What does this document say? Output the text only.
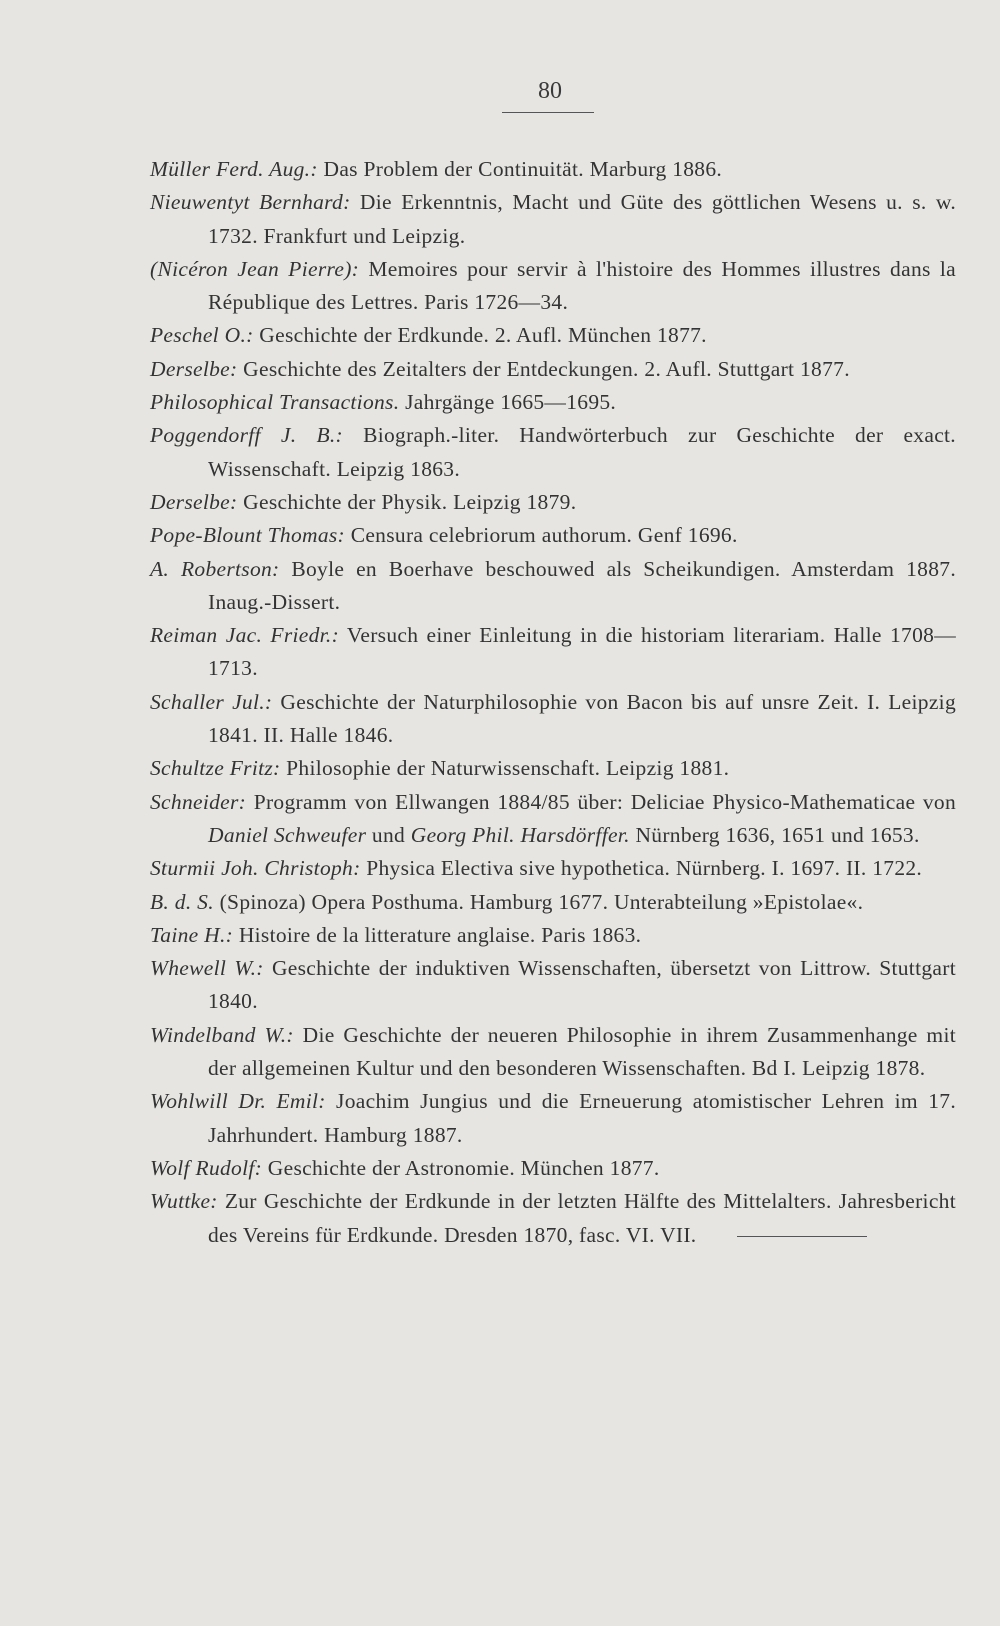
80

Müller Ferd. Aug.: Das Problem der Continuität. Marburg 1886.

Nieuwentyt Bernhard: Die Erkenntnis, Macht und Güte des göttlichen Wesens u. s. w. 1732. Frankfurt und Leipzig.

(Nicéron Jean Pierre): Memoires pour servir à l'histoire des Hommes illustres dans la République des Lettres. Paris 1726—34.

Peschel O.: Geschichte der Erdkunde. 2. Aufl. München 1877.

Derselbe: Geschichte des Zeitalters der Entdeckungen. 2. Aufl. Stuttgart 1877.

Philosophical Transactions. Jahrgänge 1665—1695.

Poggendorff J. B.: Biograph.-liter. Handwörterbuch zur Geschichte der exact. Wissenschaft. Leipzig 1863.

Derselbe: Geschichte der Physik. Leipzig 1879.

Pope-Blount Thomas: Censura celebriorum authorum. Genf 1696.

A. Robertson: Boyle en Boerhave beschouwed als Scheikundigen. Amsterdam 1887. Inaug.-Dissert.

Reiman Jac. Friedr.: Versuch einer Einleitung in die historiam literariam. Halle 1708—1713.

Schaller Jul.: Geschichte der Naturphilosophie von Bacon bis auf unsre Zeit. I. Leipzig 1841. II. Halle 1846.

Schultze Fritz: Philosophie der Naturwissenschaft. Leipzig 1881.

Schneider: Programm von Ellwangen 1884/85 über: Deliciae Physico-Mathematicae von Daniel Schweufer und Georg Phil. Harsdörffer. Nürnberg 1636, 1651 und 1653.

Sturmii Joh. Christoph: Physica Electiva sive hypothetica. Nürnberg. I. 1697. II. 1722.

B. d. S. (Spinoza) Opera Posthuma. Hamburg 1677. Unterabteilung »Epistolae«.

Taine H.: Histoire de la litterature anglaise. Paris 1863.

Whewell W.: Geschichte der induktiven Wissenschaften, übersetzt von Littrow. Stuttgart 1840.

Windelband W.: Die Geschichte der neueren Philosophie in ihrem Zusammenhange mit der allgemeinen Kultur und den besonderen Wissenschaften. Bd I. Leipzig 1878.

Wohlwill Dr. Emil: Joachim Jungius und die Erneuerung atomistischer Lehren im 17. Jahrhundert. Hamburg 1887.

Wolf Rudolf: Geschichte der Astronomie. München 1877.

Wuttke: Zur Geschichte der Erdkunde in der letzten Hälfte des Mittelalters. Jahresbericht des Vereins für Erdkunde. Dresden 1870, fasc. VI. VII.
